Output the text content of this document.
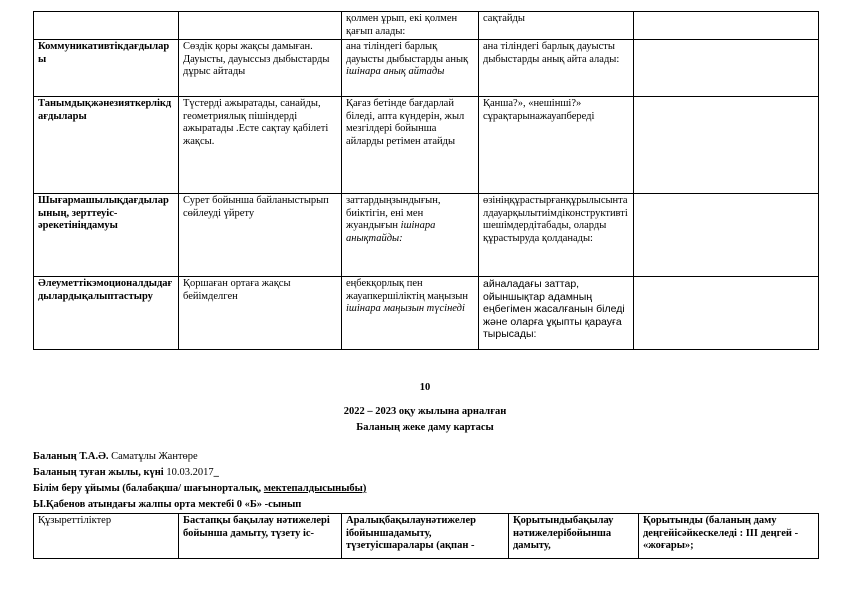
		қолмен ұрып, екі қолмен қағып алады:	сақтайды	
Коммуникативтікдағдылары	Сөздік қоры жақсы дамыған. Дауысты, дауыссыз дыбыстарды дұрыс айтады	ана тіліндегі барлық дауысты дыбыстарды анық ішінара анық айтады	ана тіліндегі барлық дауысты дыбыстарды анық айта алады:	
Танымдықжәнезияткерлікдағдылары	Түстерді ажыратады, санайды, геометриялық пішіндерді ажыратады .Есте сақтау қабілеті жақсы.	Қағаз бетінде бағдарлай біледі, апта күндерін, жыл мезгілдері бойынша айларды ретімен атайды	Қанша?», «нешінші?» сұрақтарынажауапбереді	
Шығармашылықдағдыларының, зерттеуіс-әрекетініңдамуы	Сурет бойынша байланыстырып сөйлеуді үйрету	заттардыңзындығын, биіктігін, ені мен жуандығын ішінара анықтайды:	өзініңқұрастырғанқұрылысынталдауарқылытиімдіконструктивтішешімдердітабады, оларды құрастыруда қолданады:	
Әлеуметтікэмоционалдыдағдылардықалыптастыру	Қоршаған ортаға жақсы бейімделген	еңбекқорлық пен жауапкершіліктің маңызын ішінара маңызын түсінеді	айналадағы заттар, ойыншықтар адамның еңбегімен жасалғанын біледі және оларға ұқыпты қарауға тырысады:	
10
2022 – 2023 оқу жылына арналған
Баланың жеке даму картасы
Баланың Т.А.Ә. Саматұлы Жантөре
Баланың туған жылы, күні 10.03.2017_
Білім беру ұйымы (балабақша/ шағынорталық, мектепалдысыныбы)
Ы.Қабенов атындағы жалпы орта мектебі 0 «Б» -сынып
Құзыреттіліктер	Бастапқы бақылау нәтижелері бойынша дамыту, түзету іс-	Аралықбақылаунәтижелер ібойыншадамыту, түзетуісшаралары (ақпан -	Қорытындыбақылау нәтижелерібойынша дамыту,	Қорытынды (баланың даму деңгейісәйкескеледі : ІІІ деңгей - «жоғары»;
